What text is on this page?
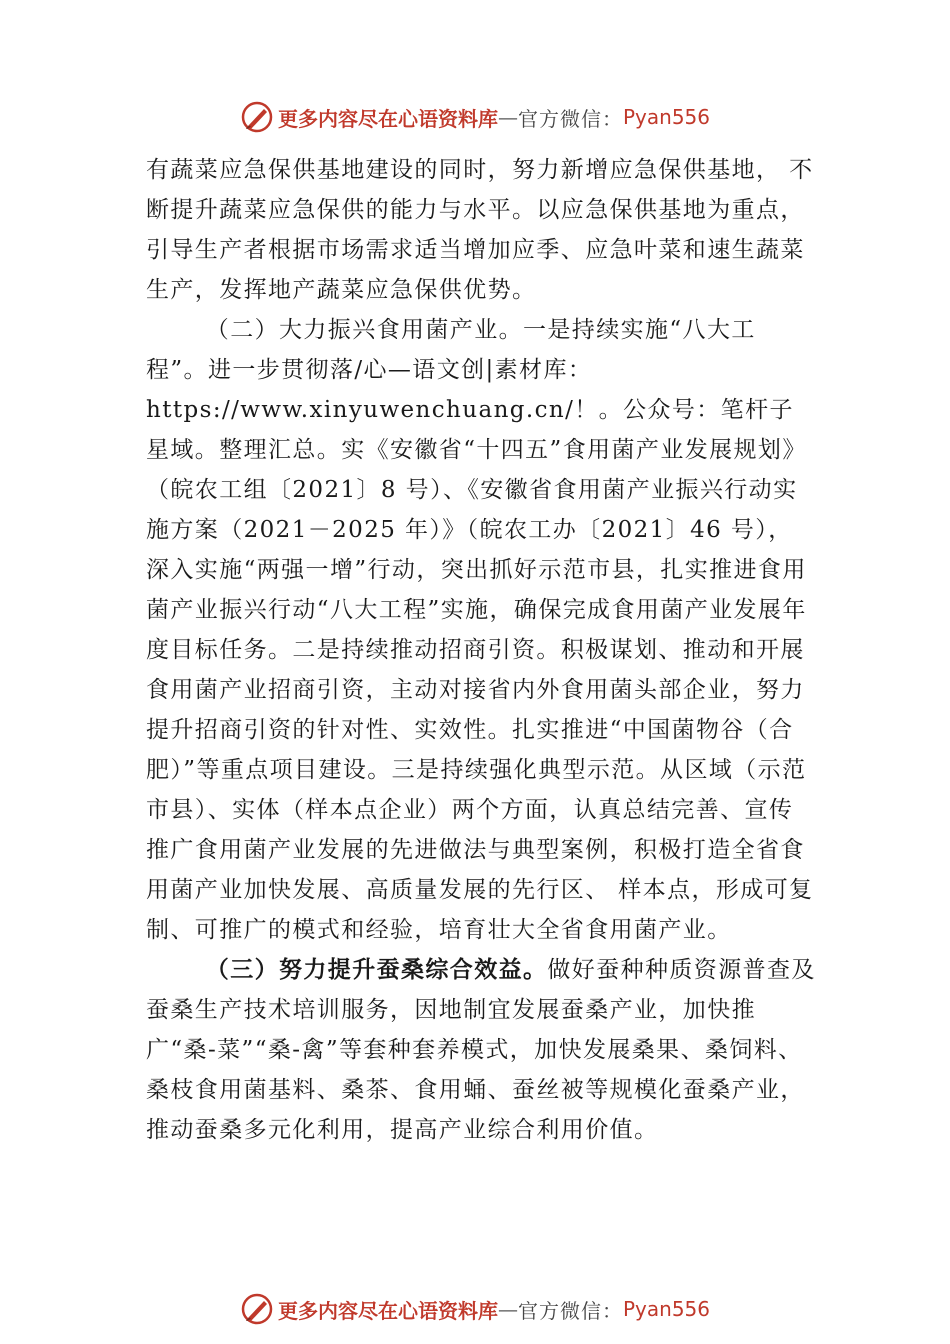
更多内容尽在心语资料库 — 官方微信： Pyan556

有蔬菜应急保供基地建设的同时，努力新增应急保供基地， 不断提升蔬菜应急保供的能力与水平。以应急保供基地为重点，引导生产者根据市场需求适当增加应季、应急叶菜和速生蔬菜生产，发挥地产蔬菜应急保供优势。

（二）大力振兴食用菌产业。一是持续实施“八大工程”。进一步贯彻落/心—语文创|素材库：https://www.xinyuwenchuang.cn/！。公众号：笔杆子星域。整理汇总。实《安徽省“十四五”食用菌产业发展规划》（皖农工组〔2021〕8 号）、《安徽省食用菌产业振兴行动实施方案（2021－2025 年）》（皖农工办〔2021〕46 号），深入实施“两强一增”行动，突出抓好示范市县，扎实推进食用菌产业振兴行动“八大工程”实施，确保完成食用菌产业发展年度目标任务。二是持续推动招商引资。积极谋划、推动和开展食用菌产业招商引资，主动对接省内外食用菌头部企业，努力提升招商引资的针对性、实效性。扎实推进“中国菌物谷（合肥）”等重点项目建设。三是持续强化典型示范。从区域（示范市县）、实体（样本点企业）两个方面，认真总结完善、宣传推广食用菌产业发展的先进做法与典型案例，积极打造全省食用菌产业加快发展、高质量发展的先行区、 样本点，形成可复制、可推广的模式和经验，培育壮大全省食用菌产业。

（三）努力提升蚕桑综合效益。做好蚕种种质资源普查及蚕桑生产技术培训服务，因地制宜发展蚕桑产业，加快推广“桑-菜”“桑-禽”等套种套养模式，加快发展桑果、桑饲料、桑枝食用菌基料、桑茶、食用蛹、蚕丝被等规模化蚕桑产业，推动蚕桑多元化利用，提高产业综合利用价值。

更多内容尽在心语资料库 — 官方微信： Pyan556
